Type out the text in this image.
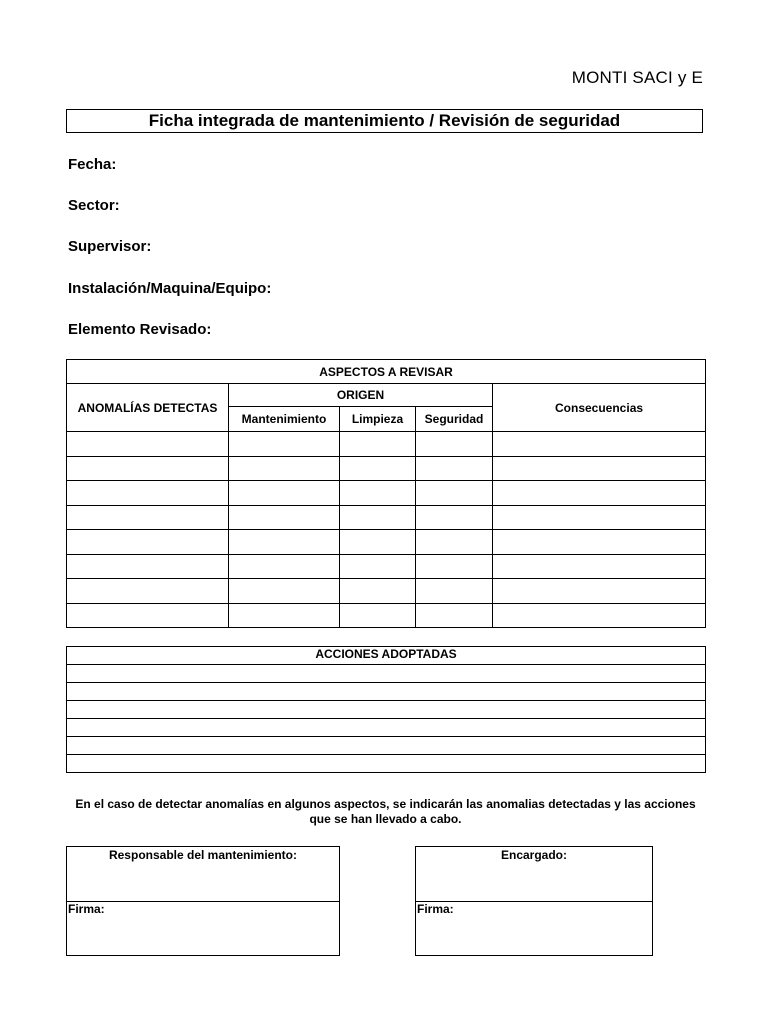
MONTI SACI y E
Ficha integrada de mantenimiento / Revisión de seguridad
Fecha:
Sector:
Supervisor:
Instalación/Maquina/Equipo:
Elemento Revisado:
ASPECTOS A REVISAR				
ANOMALÍAS DETECTAS	ORIGEN			Consecuencias
	Mantenimiento	Limpieza	Seguridad	

ACCIONES ADOPTADAS

En el caso de detectar anomalías en algunos aspectos, se indicarán las anomalias detectadas y las acciones
que se han llevado a cabo.
Responsable del mantenimiento:
Firma:
Encargado:
Firma:
